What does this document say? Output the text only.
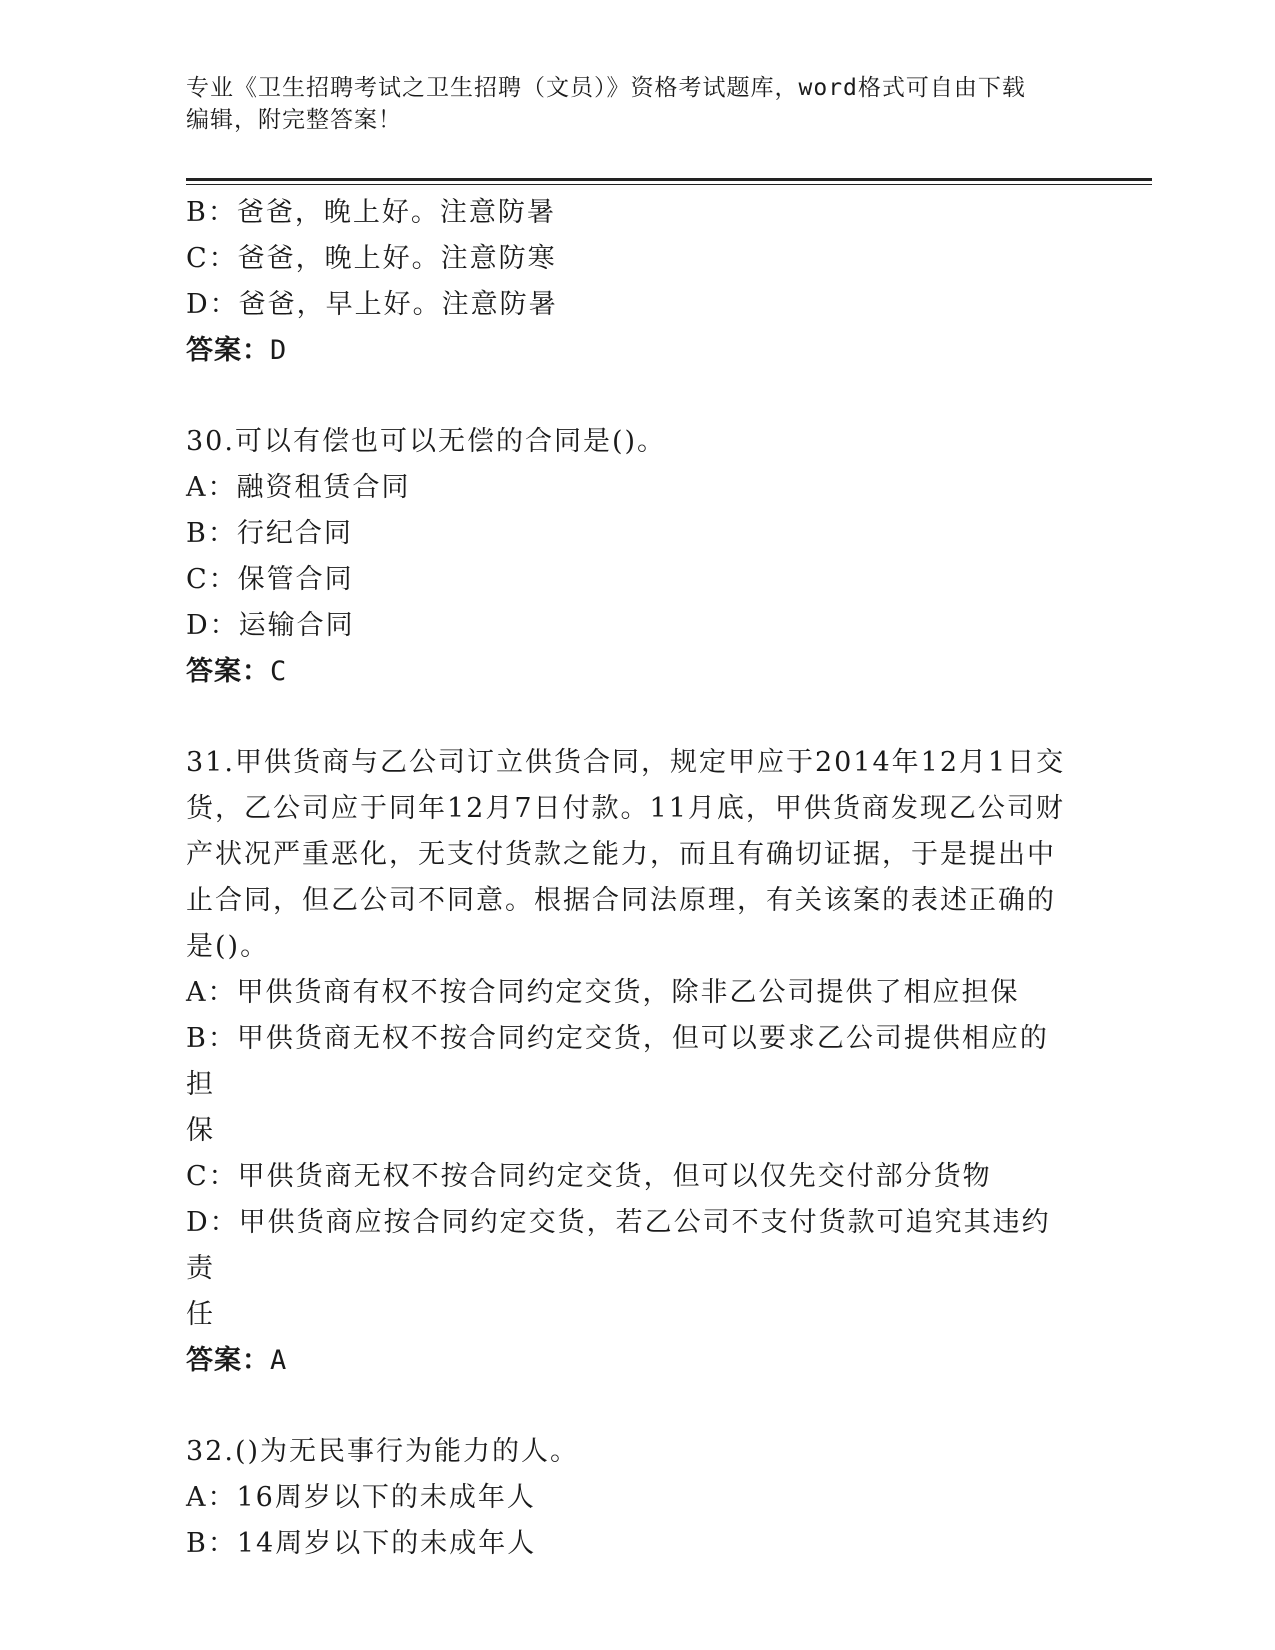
专业《卫生招聘考试之卫生招聘（文员）》资格考试题库，word格式可自由下载
编辑，附完整答案！
B：爸爸，晚上好。注意防暑
C：爸爸，晚上好。注意防寒
D：爸爸，早上好。注意防暑
答案：D
30.可以有偿也可以无偿的合同是()。
A：融资租赁合同
B：行纪合同
C：保管合同
D：运输合同
答案：C
31.甲供货商与乙公司订立供货合同，规定甲应于2014年12月1日交
货，乙公司应于同年12月7日付款。11月底，甲供货商发现乙公司财
产状况严重恶化，无支付货款之能力，而且有确切证据，于是提出中
止合同，但乙公司不同意。根据合同法原理，有关该案的表述正确的
是()。
A：甲供货商有权不按合同约定交货，除非乙公司提供了相应担保
B：甲供货商无权不按合同约定交货，但可以要求乙公司提供相应的担
保
C：甲供货商无权不按合同约定交货，但可以仅先交付部分货物
D：甲供货商应按合同约定交货，若乙公司不支付货款可追究其违约责
任
答案：A
32.()为无民事行为能力的人。
A：16周岁以下的未成年人
B：14周岁以下的未成年人
